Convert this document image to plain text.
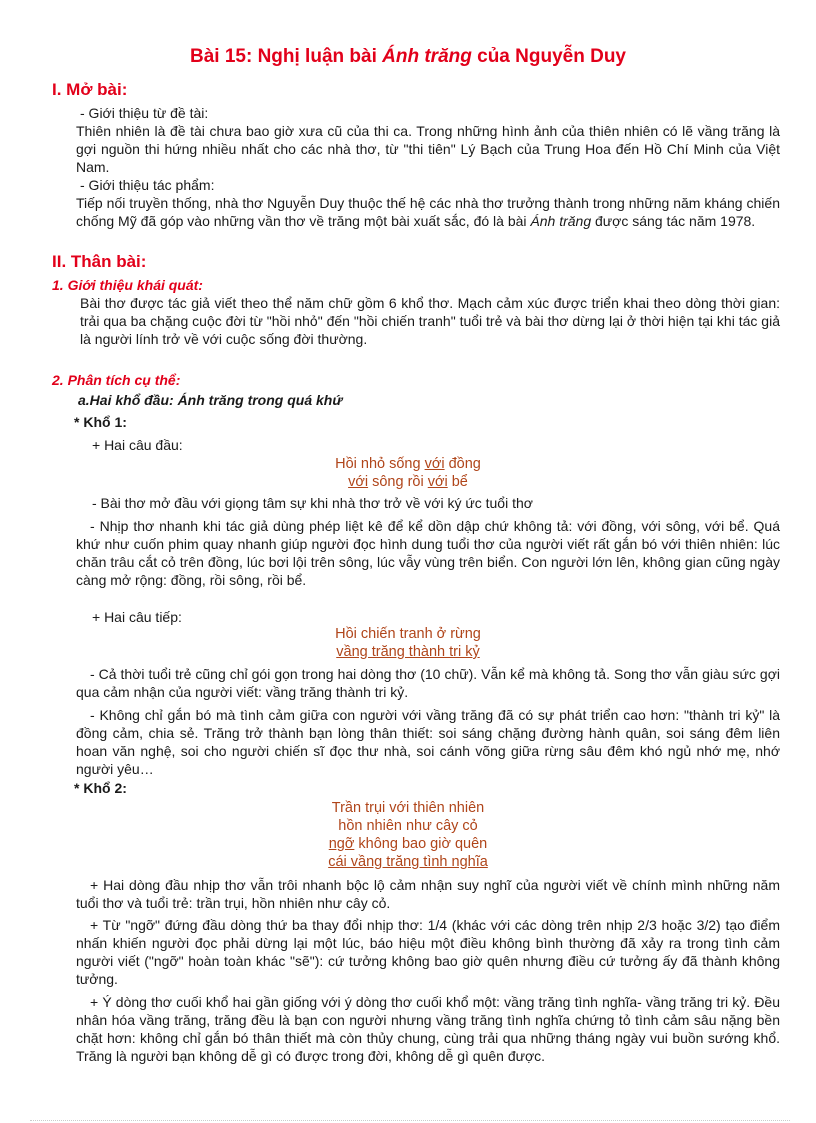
Bài 15: Nghị luận bài Ánh trăng của Nguyễn Duy
I. Mở bài:
- Giới thiệu từ đề tài:

Thiên nhiên là đề tài chưa bao giờ xưa cũ của thi ca. Trong những hình ảnh của thiên nhiên có lẽ vầng trăng là gợi nguồn thi hứng nhiều nhất cho các nhà thơ, từ "thi tiên" Lý Bạch của Trung Hoa đến Hồ Chí Minh của Việt Nam.

- Giới thiệu tác phẩm:

Tiếp nối truyền thống, nhà thơ Nguyễn Duy thuộc thế hệ các nhà thơ trưởng thành trong những năm kháng chiến chống Mỹ đã góp vào những vần thơ về trăng một bài xuất sắc, đó là bài Ánh trăng được sáng tác năm 1978.

II. Thân bài:
1. Giới thiệu khái quát:

Bài thơ được tác giả viết theo thể năm chữ gồm 6 khổ thơ. Mạch cảm xúc được triển khai theo dòng thời gian: trải qua ba chặng cuộc đời từ "hồi nhỏ" đến "hồi chiến tranh" tuổi trẻ và bài thơ dừng lại ở thời hiện tại khi tác giả là người lính trở về với cuộc sống đời thường.

2. Phân tích cụ thể:
a.Hai khổ đầu: Ánh trăng trong quá khứ
* Khổ 1:
+ Hai câu đầu:
Hồi nhỏ sống với đồng
với sông rồi với bể
- Bài thơ mở đầu với giọng tâm sự khi nhà thơ trở về với ký ức tuổi thơ

- Nhịp thơ nhanh khi tác giả dùng phép liệt kê để kể dồn dập chứ không tả: với đồng, với sông, với bể. Quá khứ như cuốn phim quay nhanh giúp người đọc hình dung tuổi thơ của người viết rất gắn bó với thiên nhiên: lúc chăn trâu cắt cỏ trên đồng, lúc bơi lội trên sông, lúc vẫy vùng trên biển. Con người lớn lên, không gian cũng ngày càng mở rộng: đồng, rồi sông, rồi bể.

+ Hai câu tiếp:
Hồi chiến tranh ở rừng
vầng trăng thành tri kỷ

- Cả thời tuổi trẻ cũng chỉ gói gọn trong hai dòng thơ (10 chữ). Vẫn kể mà không tả. Song thơ vẫn giàu sức gợi qua cảm nhận của người viết: vầng trăng thành tri kỷ.

- Không chỉ gắn bó mà tình cảm giữa con người với vầng trăng đã có sự phát triển cao hơn: "thành tri kỷ" là đồng cảm, chia sẻ. Trăng trở thành bạn lòng thân thiết: soi sáng chặng đường hành quân, soi sáng đêm liên hoan văn nghệ, soi cho người chiến sĩ đọc thư nhà, soi cánh võng giữa rừng sâu đêm khó ngủ nhớ mẹ, nhớ người yêu…

* Khổ 2:
Trần trụi với thiên nhiên
hồn nhiên như cây cỏ
ngỡ không bao giờ quên
cái vầng trăng tình nghĩa

+ Hai dòng đầu nhịp thơ vẫn trôi nhanh bộc lộ cảm nhận suy nghĩ của người viết về chính mình những năm tuổi thơ và tuổi trẻ: trần trụi, hồn nhiên như cây cỏ.

+ Từ "ngỡ" đứng đầu dòng thứ ba thay đổi nhịp thơ: 1/4 (khác với các dòng trên nhịp 2/3 hoặc 3/2) tạo điểm nhấn khiến người đọc phải dừng lại một lúc, báo hiệu một điều không bình thường đã xảy ra trong tình cảm người viết ("ngỡ" hoàn toàn khác "sẽ"): cứ tưởng không bao giờ quên nhưng điều cứ tưởng ấy đã thành không tưởng.

+ Ý dòng thơ cuối khổ hai gần giống với ý dòng thơ cuối khổ một: vầng trăng tình nghĩa- vầng trăng tri kỷ. Đều nhân hóa vầng trăng, trăng đều là bạn con người nhưng vầng trăng tình nghĩa chứng tỏ tình cảm sâu nặng bền chặt hơn: không chỉ gắn bó thân thiết mà còn thủy chung, cùng trải qua những tháng ngày vui buồn sướng khổ. Trăng là người bạn không dễ gì có được trong đời, không dễ gì quên được.
